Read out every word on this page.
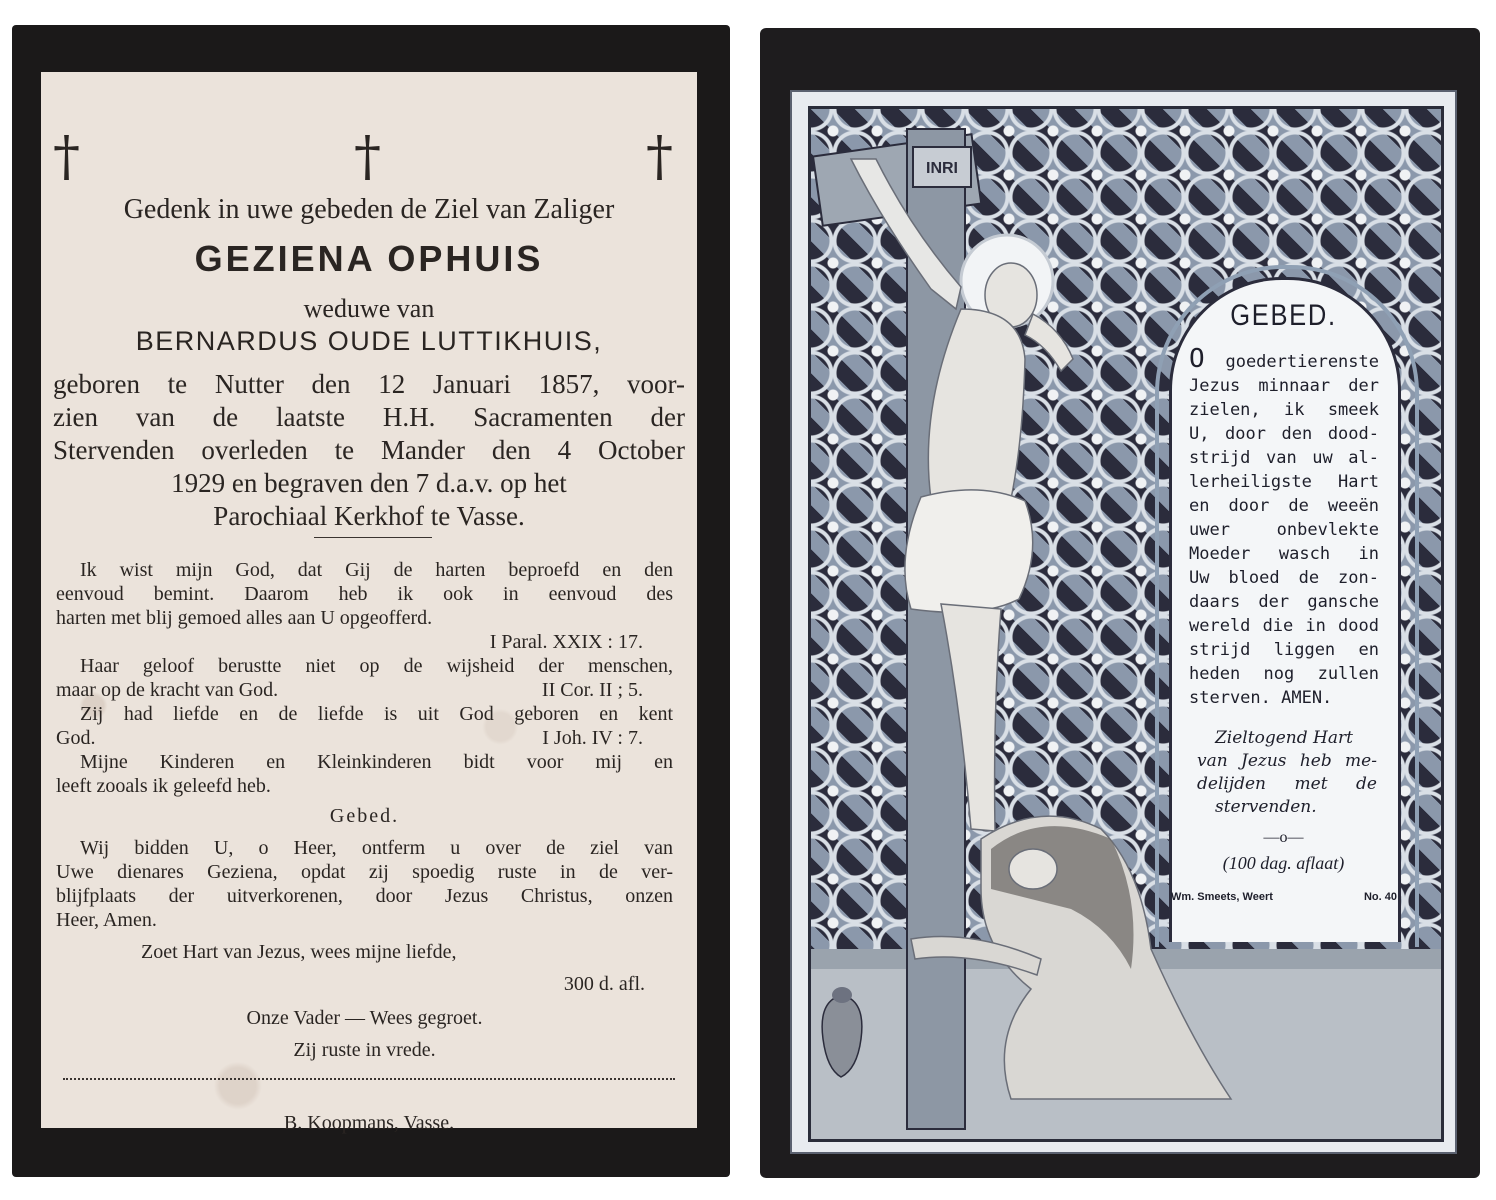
†	†	†
Gedenk in uwe gebeden de Ziel van Zaliger
GEZIENA OPHUIS
weduwe van
BERNARDUS OUDE LUTTIKHUIS,
geboren te Nutter den 12 Januari 1857, voor-
zien van de laatste H.H. Sacramenten der
Stervenden overleden te Mander den 4 October
1929 en begraven den 7 d.a.v. op het
Parochiaal Kerkhof te Vasse.
Ik wist mijn God, dat Gij de harten beproefd en den
eenvoud bemint. Daarom heb ik ook in eenvoud des
harten met blij gemoed alles aan U opgeofferd.
I Paral. XXIX : 17.
Haar geloof berustte niet op de wijsheid der menschen,
maar op de kracht van God.	II Cor. II ; 5.
Zij had liefde en de liefde is uit God geboren en kent
God.	I Joh. IV : 7.
Mijne Kinderen en Kleinkinderen bidt voor mij en
leeft zooals ik geleefd heb.
Gebed.
Wij bidden U, o Heer, ontferm u over de ziel van
Uwe dienares Geziena, opdat zij spoedig ruste in de ver-
blijfplaats der uitverkorenen, door Jezus Christus, onzen
Heer, Amen.
Zoet Hart van Jezus, wees mijne liefde,
300 d. afl.
Onze Vader — Wees gegroet.
Zij ruste in vrede.
B. Koopmans, Vasse.
INRI
GEBED.
O goedertierenste
Jezus minnaar der
zielen, ik smeek
U, door den dood-
strijd van uw al-
lerheiligste Hart
en door de weeën
uwer onbevlekte
Moeder wasch in
Uw bloed de zon-
daars der gansche
wereld die in dood
strijd liggen en
heden nog zullen
sterven. AMEN.
Zieltogend Hart
van Jezus heb me-
delijden met de
stervenden.
—o—
(100 dag. aflaat)
Wm. Smeets, Weert	No. 40
